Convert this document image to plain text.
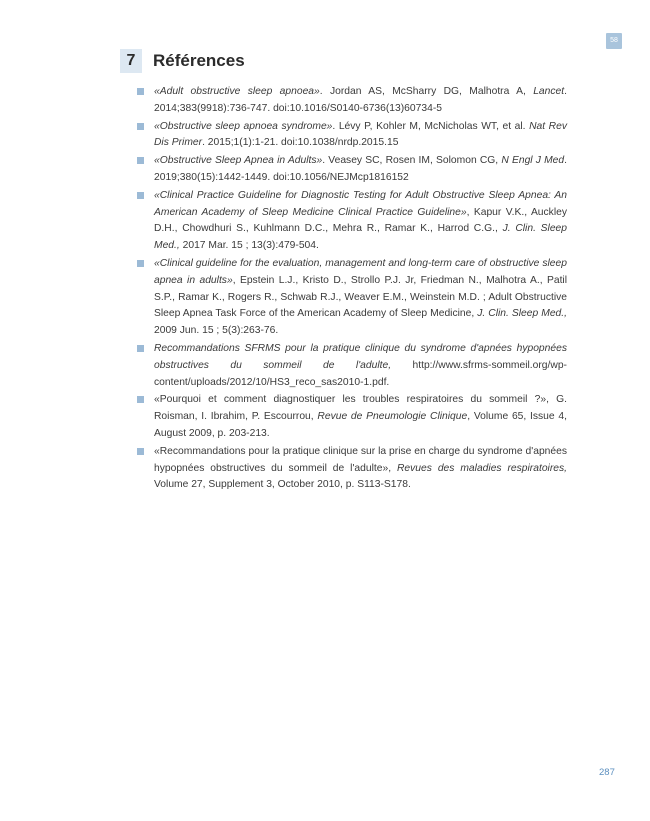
58
7	Références
«Adult obstructive sleep apnoea». Jordan AS, McSharry DG, Malhotra A, Lancet. 2014;383(9918):736-747. doi:10.1016/S0140-6736(13)60734-5
«Obstructive sleep apnoea syndrome». Lévy P, Kohler M, McNicholas WT, et al. Nat Rev Dis Primer. 2015;1(1):1-21. doi:10.1038/nrdp.2015.15
«Obstructive Sleep Apnea in Adults». Veasey SC, Rosen IM, Solomon CG, N Engl J Med. 2019;380(15):1442-1449. doi:10.1056/NEJMcp1816152
«Clinical Practice Guideline for Diagnostic Testing for Adult Obstructive Sleep Apnea: An American Academy of Sleep Medicine Clinical Practice Guideline», Kapur V.K., Auckley D.H., Chowdhuri S., Kuhlmann D.C., Mehra R., Ramar K., Harrod C.G., J. Clin. Sleep Med., 2017 Mar. 15 ; 13(3):479-504.
«Clinical guideline for the evaluation, management and long-term care of obstructive sleep apnea in adults», Epstein L.J., Kristo D., Strollo P.J. Jr, Friedman N., Malhotra A., Patil S.P., Ramar K., Rogers R., Schwab R.J., Weaver E.M., Weinstein M.D. ; Adult Obstructive Sleep Apnea Task Force of the American Academy of Sleep Medicine, J. Clin. Sleep Med., 2009 Jun. 15 ; 5(3):263-76.
Recommandations SFRMS pour la pratique clinique du syndrome d'apnées hypopnées obstructives du sommeil de l'adulte, http://www.sfrms-sommeil.org/wp-content/uploads/2012/10/HS3_reco_sas2010-1.pdf.
«Pourquoi et comment diagnostiquer les troubles respiratoires du sommeil ?», G. Roisman, I. Ibrahim, P. Escourrou, Revue de Pneumologie Clinique, Volume 65, Issue 4, August 2009, p. 203-213.
«Recommandations pour la pratique clinique sur la prise en charge du syndrome d'apnées hypopnées obstructives du sommeil de l'adulte», Revues des maladies respiratoires, Volume 27, Supplement 3, October 2010, p. S113-S178.
287
